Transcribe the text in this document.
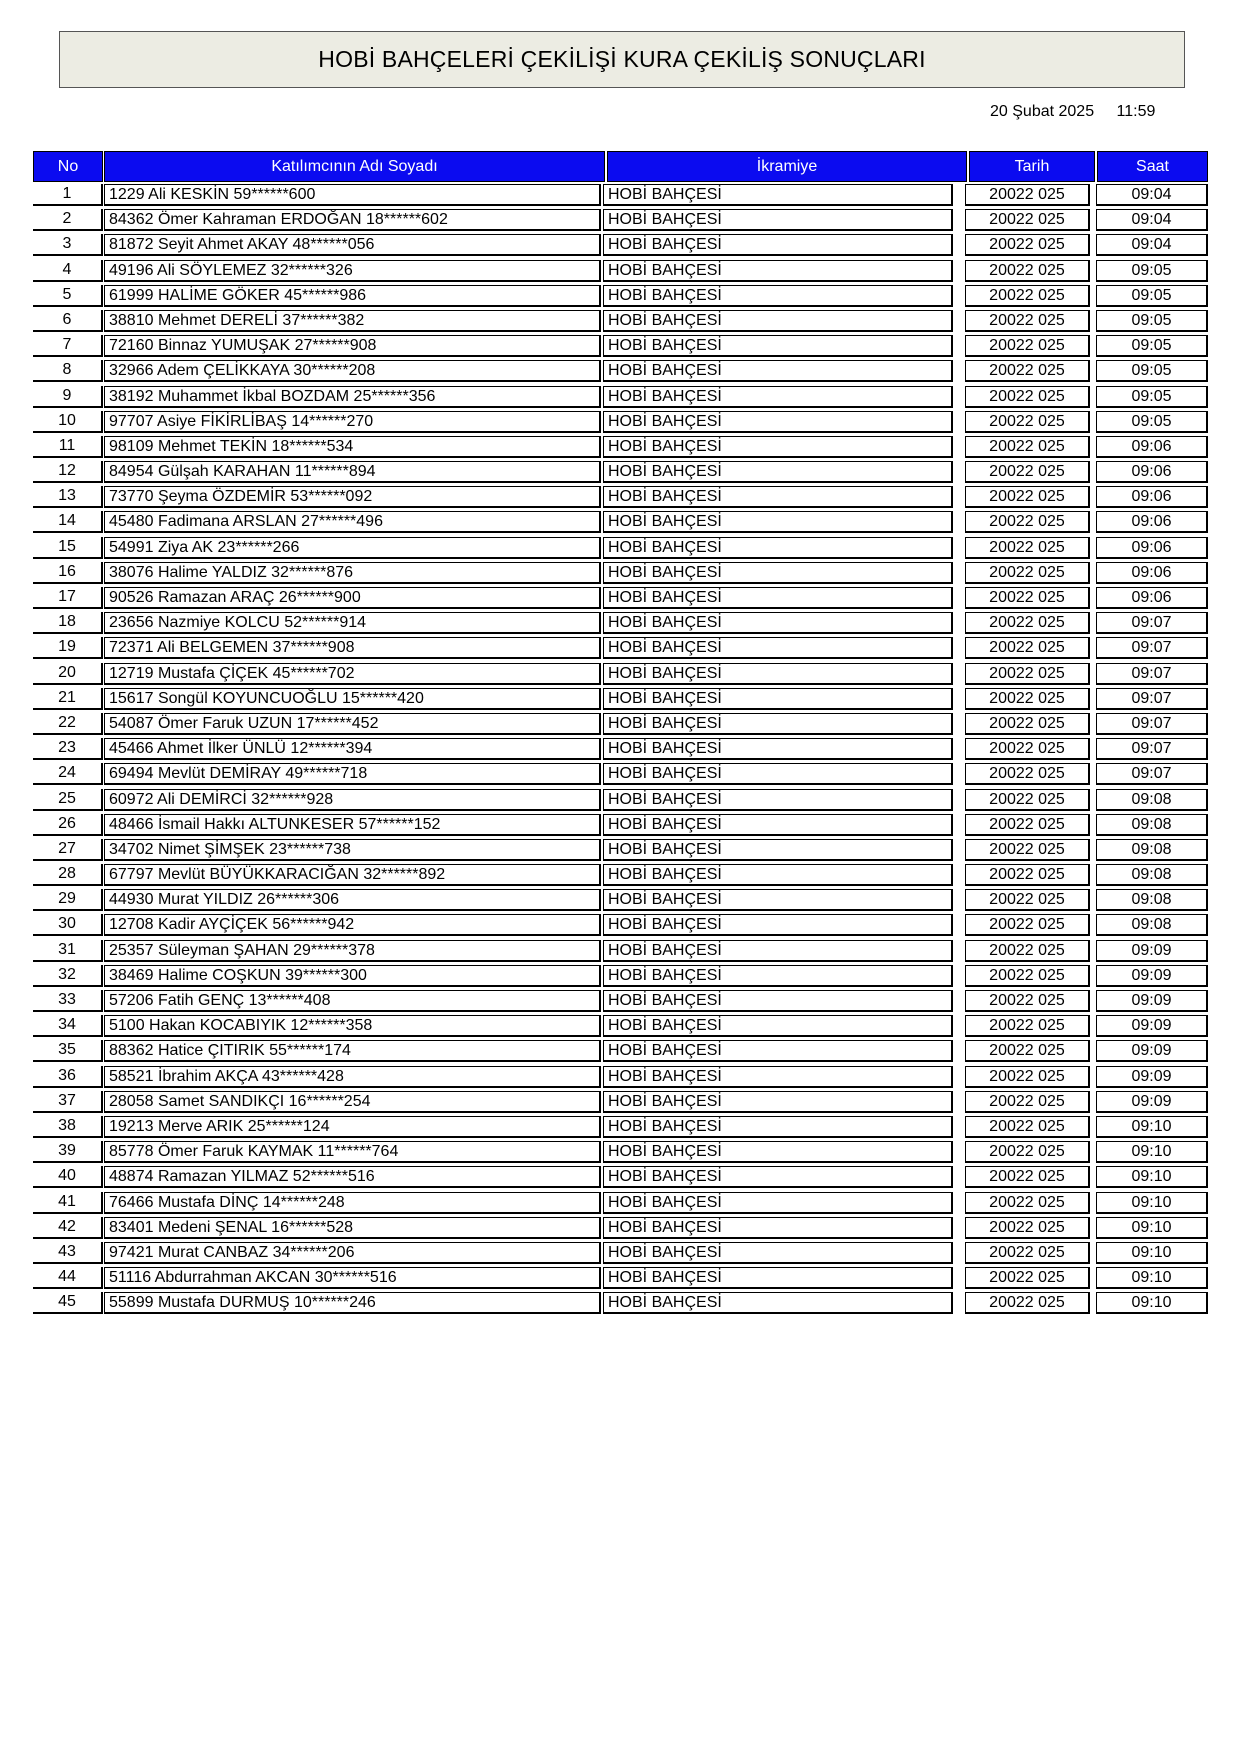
HOBİ BAHÇELERİ ÇEKİLİŞİ KURA ÇEKİLİŞ SONUÇLARI
20 Şubat 2025 11:59
No	Katılımcının Adı Soyadı	İkramiye	Tarih	Saat
1	1229 Ali KESKİN 59******600	HOBİ BAHÇESİ	20022 025	09:04
2	84362 Ömer Kahraman ERDOĞAN 18******602	HOBİ BAHÇESİ	20022 025	09:04
3	81872 Seyit Ahmet AKAY 48******056	HOBİ BAHÇESİ	20022 025	09:04
4	49196 Ali SÖYLEMEZ 32******326	HOBİ BAHÇESİ	20022 025	09:05
5	61999 HALİME GÖKER 45******986	HOBİ BAHÇESİ	20022 025	09:05
6	38810 Mehmet DERELİ 37******382	HOBİ BAHÇESİ	20022 025	09:05
7	72160 Binnaz YUMUŞAK 27******908	HOBİ BAHÇESİ	20022 025	09:05
8	32966 Adem ÇELİKKAYA 30******208	HOBİ BAHÇESİ	20022 025	09:05
9	38192 Muhammet İkbal BOZDAM 25******356	HOBİ BAHÇESİ	20022 025	09:05
10	97707 Asiye FİKİRLİBAŞ 14******270	HOBİ BAHÇESİ	20022 025	09:05
11	98109 Mehmet TEKİN 18******534	HOBİ BAHÇESİ	20022 025	09:06
12	84954 Gülşah KARAHAN 11******894	HOBİ BAHÇESİ	20022 025	09:06
13	73770 Şeyma ÖZDEMİR 53******092	HOBİ BAHÇESİ	20022 025	09:06
14	45480 Fadimana ARSLAN 27******496	HOBİ BAHÇESİ	20022 025	09:06
15	54991 Ziya AK 23******266	HOBİ BAHÇESİ	20022 025	09:06
16	38076 Halime YALDIZ 32******876	HOBİ BAHÇESİ	20022 025	09:06
17	90526 Ramazan ARAÇ 26******900	HOBİ BAHÇESİ	20022 025	09:06
18	23656 Nazmiye KOLCU 52******914	HOBİ BAHÇESİ	20022 025	09:07
19	72371 Ali BELGEMEN 37******908	HOBİ BAHÇESİ	20022 025	09:07
20	12719 Mustafa ÇİÇEK 45******702	HOBİ BAHÇESİ	20022 025	09:07
21	15617 Songül KOYUNCUOĞLU 15******420	HOBİ BAHÇESİ	20022 025	09:07
22	54087 Ömer Faruk UZUN 17******452	HOBİ BAHÇESİ	20022 025	09:07
23	45466 Ahmet İlker ÜNLÜ 12******394	HOBİ BAHÇESİ	20022 025	09:07
24	69494 Mevlüt DEMİRAY 49******718	HOBİ BAHÇESİ	20022 025	09:07
25	60972 Ali DEMİRCİ 32******928	HOBİ BAHÇESİ	20022 025	09:08
26	48466 İsmail Hakkı ALTUNKESER 57******152	HOBİ BAHÇESİ	20022 025	09:08
27	34702 Nimet ŞİMŞEK 23******738	HOBİ BAHÇESİ	20022 025	09:08
28	67797 Mevlüt BÜYÜKKARACIĞAN 32******892	HOBİ BAHÇESİ	20022 025	09:08
29	44930 Murat YILDIZ 26******306	HOBİ BAHÇESİ	20022 025	09:08
30	12708 Kadir AYÇİÇEK 56******942	HOBİ BAHÇESİ	20022 025	09:08
31	25357 Süleyman ŞAHAN 29******378	HOBİ BAHÇESİ	20022 025	09:09
32	38469 Halime COŞKUN 39******300	HOBİ BAHÇESİ	20022 025	09:09
33	57206 Fatih GENÇ 13******408	HOBİ BAHÇESİ	20022 025	09:09
34	5100 Hakan KOCABIYIK 12******358	HOBİ BAHÇESİ	20022 025	09:09
35	88362 Hatice ÇITIRIK 55******174	HOBİ BAHÇESİ	20022 025	09:09
36	58521 İbrahim AKÇA 43******428	HOBİ BAHÇESİ	20022 025	09:09
37	28058 Samet SANDIKÇI 16******254	HOBİ BAHÇESİ	20022 025	09:09
38	19213 Merve ARIK 25******124	HOBİ BAHÇESİ	20022 025	09:10
39	85778 Ömer Faruk KAYMAK 11******764	HOBİ BAHÇESİ	20022 025	09:10
40	48874 Ramazan YILMAZ 52******516	HOBİ BAHÇESİ	20022 025	09:10
41	76466 Mustafa DİNÇ 14******248	HOBİ BAHÇESİ	20022 025	09:10
42	83401 Medeni ŞENAL 16******528	HOBİ BAHÇESİ	20022 025	09:10
43	97421 Murat CANBAZ 34******206	HOBİ BAHÇESİ	20022 025	09:10
44	51116 Abdurrahman AKCAN 30******516	HOBİ BAHÇESİ	20022 025	09:10
45	55899 Mustafa DURMUŞ 10******246	HOBİ BAHÇESİ	20022 025	09:10
